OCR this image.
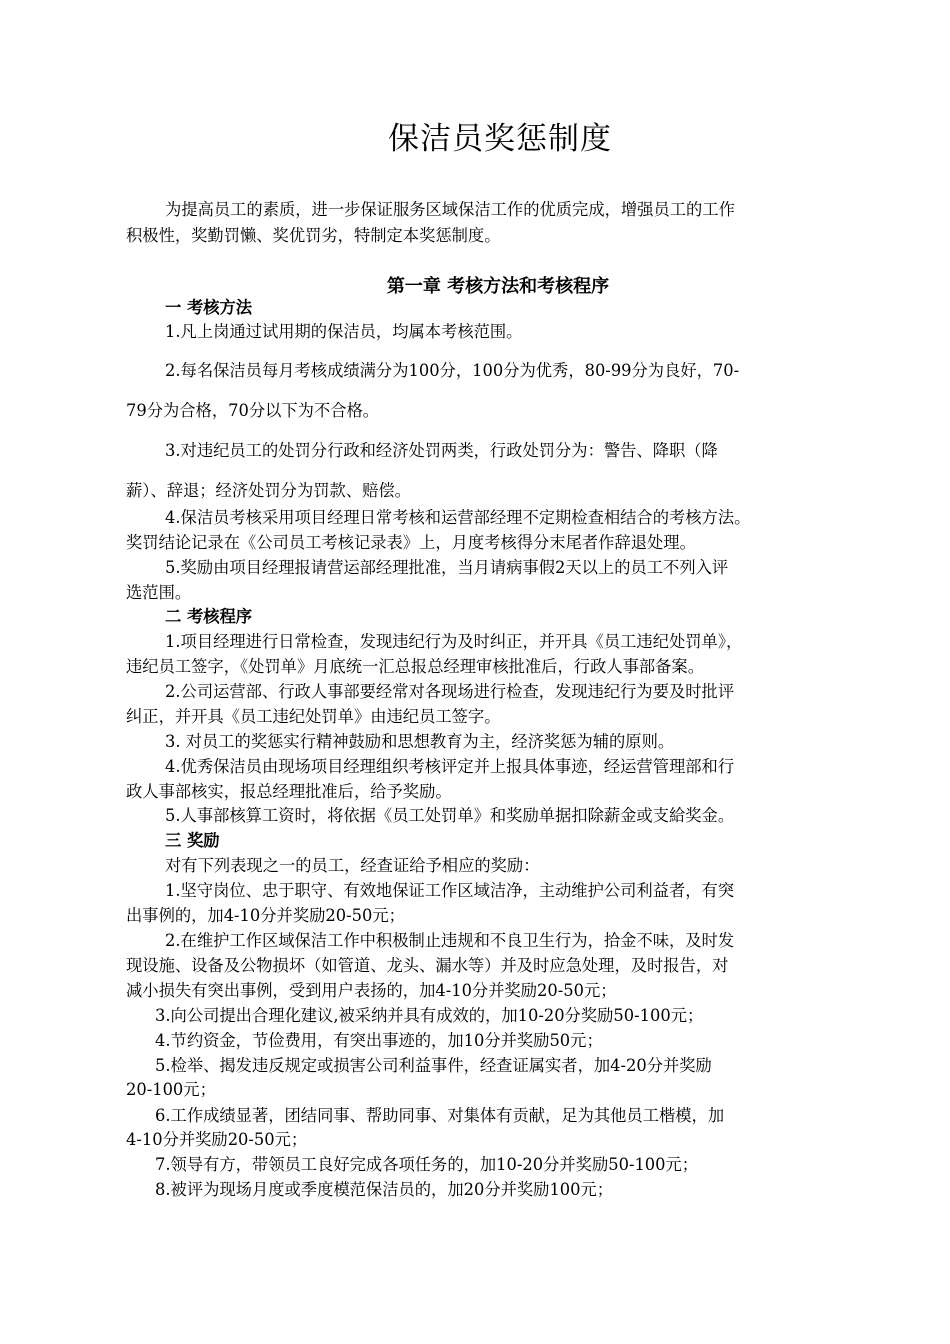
保洁员奖惩制度

为提高员工的素质，进一步保证服务区域保洁工作的优质完成，增强员工的工作

积极性，奖勤罚懒、奖优罚劣，特制定本奖惩制度。

第一章 考核方法和考核程序

一 考核方法

1.凡上岗通过试用期的保洁员，均属本考核范围。

2.每名保洁员每月考核成绩满分为100分，100分为优秀，80-99分为良好，70-

79分为合格，70分以下为不合格。

3.对违纪员工的处罚分行政和经济处罚两类，行政处罚分为：警告、降职（降

薪）、辞退；经济处罚分为罚款、赔偿。

4.保洁员考核采用项目经理日常考核和运营部经理不定期检查相结合的考核方法。

奖罚结论记录在《公司员工考核记录表》上，月度考核得分末尾者作辞退处理。

5.奖励由项目经理报请营运部经理批准，当月请病事假2天以上的员工不列入评

选范围。

二 考核程序

1.项目经理进行日常检查，发现违纪行为及时纠正，并开具《员工违纪处罚单》，

违纪员工签字，《处罚单》月底统一汇总报总经理审核批准后，行政人事部备案。

2.公司运营部、行政人事部要经常对各现场进行检查，发现违纪行为要及时批评

纠正，并开具《员工违纪处罚单》由违纪员工签字。

3. 对员工的奖惩实行精神鼓励和思想教育为主，经济奖惩为辅的原则。

4.优秀保洁员由现场项目经理组织考核评定并上报具体事迹，经运营管理部和行

政人事部核实，报总经理批准后，给予奖励。

5.人事部核算工资时，将依据《员工处罚单》和奖励单据扣除薪金或支給奖金。

三 奖励

对有下列表现之一的员工，经查证给予相应的奖励：

1.坚守岗位、忠于职守、有效地保证工作区域洁净，主动维护公司利益者，有突

出事例的，加4-10分并奖励20-50元；

2.在维护工作区域保洁工作中积极制止违规和不良卫生行为，拾金不味，及时发

现设施、设备及公物损坏（如管道、龙头、漏水等）并及时应急处理，及时报告，对

减小损失有突出事例，受到用户表扬的，加4-10分并奖励20-50元；

3.向公司提出合理化建议,被采纳并具有成效的，加10-20分奖励50-100元；

4.节约资金，节俭费用，有突出事迹的，加10分并奖励50元；

5.检举、揭发违反规定或损害公司利益事件，经查证属实者，加4-20分并奖励

20-100元；

6.工作成绩显著，团结同事、帮助同事、对集体有贡献，足为其他员工楷模，加

4-10分并奖励20-50元；

7.领导有方，带领员工良好完成各项任务的，加10-20分并奖励50-100元；

8.被评为现场月度或季度模范保洁员的，加20分并奖励100元；
